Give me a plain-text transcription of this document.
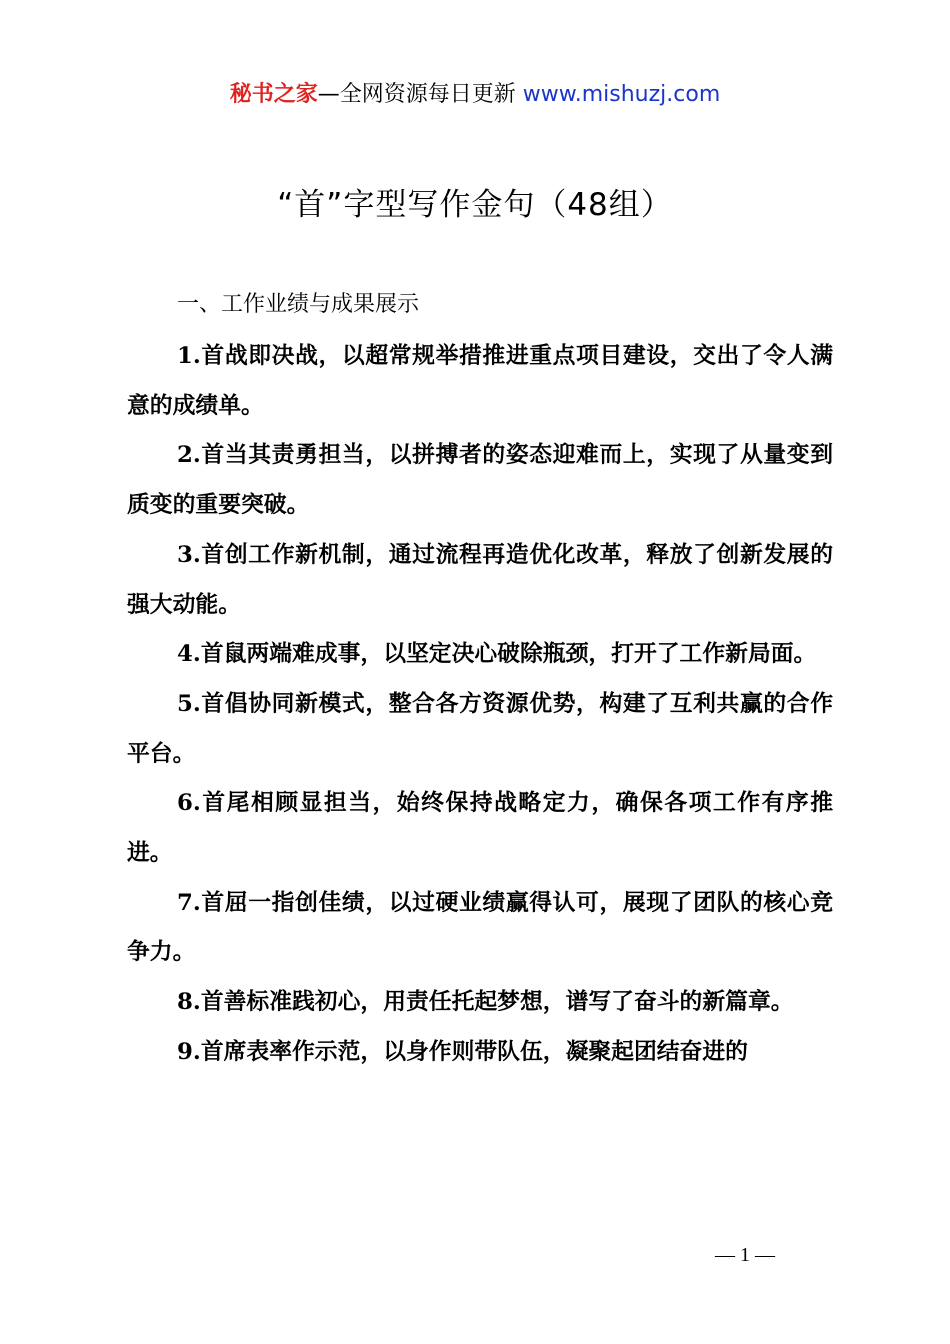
秘书之家—全网资源每日更新 www.mishuzj.com
“首”字型写作金句（48组）
一、工作业绩与成果展示

1.首战即决战，以超常规举措推进重点项目建设，交出了令人满意的成绩单。

2.首当其责勇担当，以拼搏者的姿态迎难而上，实现了从量变到质变的重要突破。

3.首创工作新机制，通过流程再造优化改革，释放了创新发展的强大动能。

4.首鼠两端难成事，以坚定决心破除瓶颈，打开了工作新局面。

5.首倡协同新模式，整合各方资源优势，构建了互利共赢的合作平台。

6.首尾相顾显担当，始终保持战略定力，确保各项工作有序推进。

7.首屈一指创佳绩，以过硬业绩赢得认可，展现了团队的核心竞争力。

8.首善标准践初心，用责任托起梦想，谱写了奋斗的新篇章。

9.首席表率作示范，以身作则带队伍，凝聚起团结奋进的

— 1 —
